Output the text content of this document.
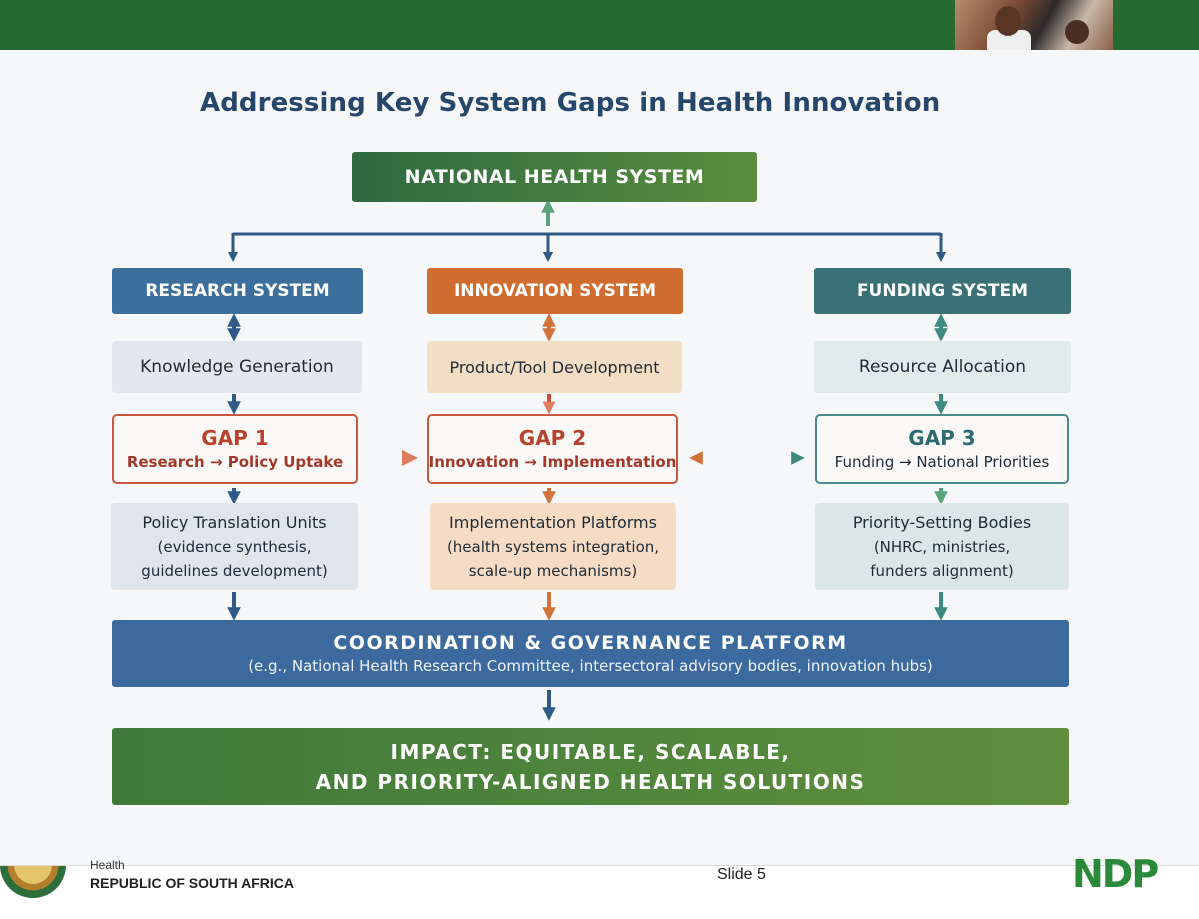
Addressing Key System Gaps in Health Innovation
NATIONAL HEALTH SYSTEM
RESEARCH SYSTEM	INNOVATION SYSTEM	FUNDING SYSTEM
Knowledge Generation	Product/Tool Development	Resource Allocation
GAP 1
Research → Policy Uptake
GAP 2
Innovation → Implementation
GAP 3
Funding → National Priorities
Policy Translation Units
(evidence synthesis,
guidelines development)
Implementation Platforms
(health systems integration,
scale-up mechanisms)
Priority-Setting Bodies
(NHRC, ministries,
funders alignment)
COORDINATION & GOVERNANCE PLATFORM
(e.g., National Health Research Committee, intersectoral advisory bodies, innovation hubs)
IMPACT: EQUITABLE, SCALABLE,
AND PRIORITY-ALIGNED HEALTH SOLUTIONS
Health
REPUBLIC OF SOUTH AFRICA	Slide 5	NDP
